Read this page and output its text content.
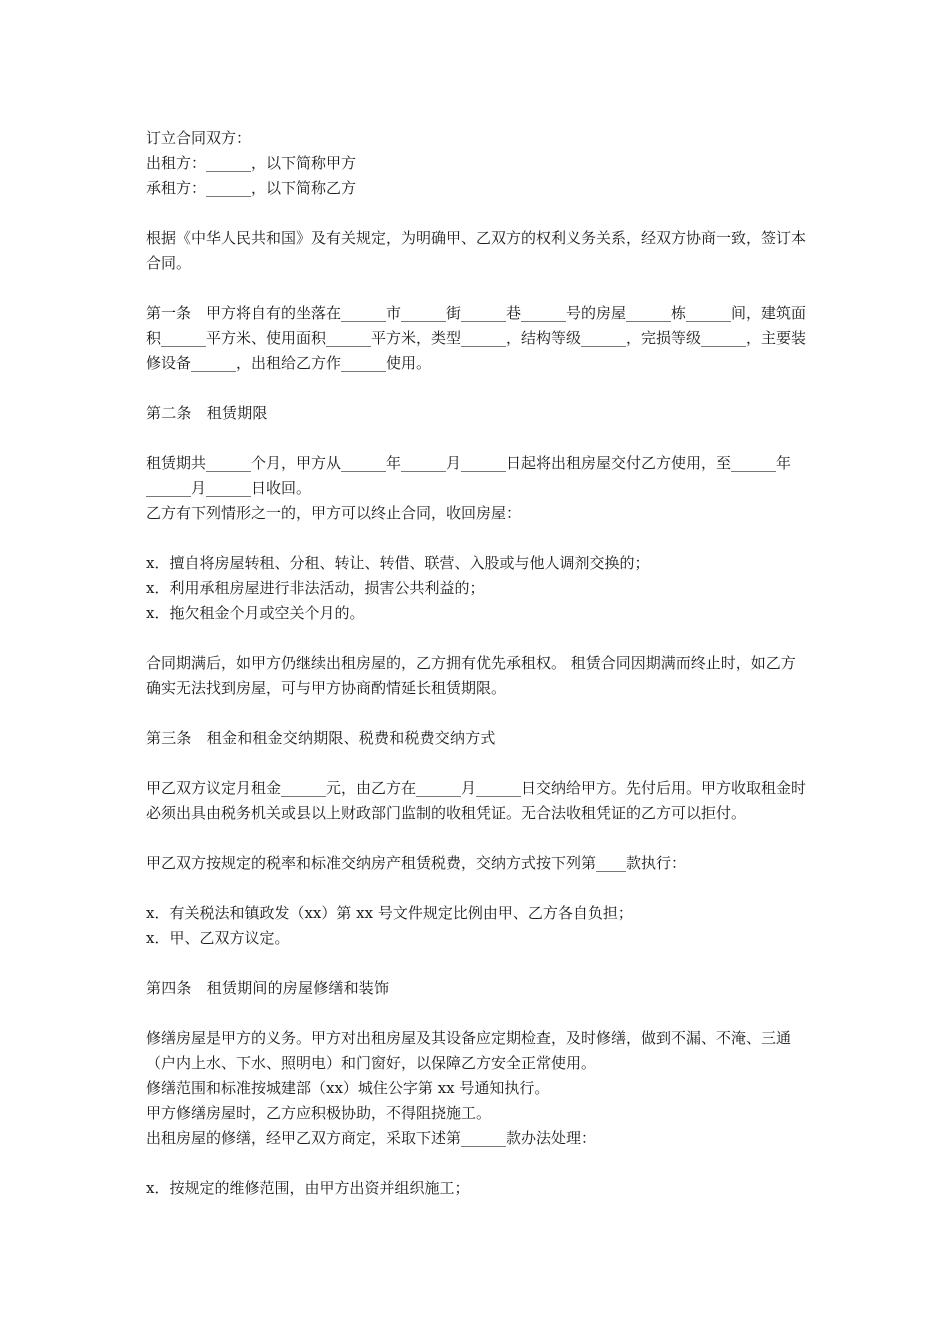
订立合同双方：

出租方：______，以下简称甲方

承租方：______，以下简称乙方

根据《中华人民共和国》及有关规定，为明确甲、乙双方的权利义务关系，经双方协商一致，签订本合同。

第一条　甲方将自有的坐落在______市______街______巷______号的房屋______栋______间，建筑面积______平方米、使用面积______平方米，类型______，结构等级______，完损等级______，主要装修设备______，出租给乙方作______使用。

第二条　租赁期限

租赁期共______个月，甲方从______年______月______日起将出租房屋交付乙方使用，至______年______月______日收回。

乙方有下列情形之一的，甲方可以终止合同，收回房屋：

x．擅自将房屋转租、分租、转让、转借、联营、入股或与他人调剂交换的；

x．利用承租房屋进行非法活动，损害公共利益的；

x．拖欠租金个月或空关个月的。

合同期满后，如甲方仍继续出租房屋的，乙方拥有优先承租权。 租赁合同因期满而终止时，如乙方确实无法找到房屋，可与甲方协商酌情延长租赁期限。

第三条　租金和租金交纳期限、税费和税费交纳方式

甲乙双方议定月租金______元，由乙方在______月______日交纳给甲方。先付后用。甲方收取租金时必须出具由税务机关或县以上财政部门监制的收租凭证。无合法收租凭证的乙方可以拒付。

甲乙双方按规定的税率和标准交纳房产租赁税费，交纳方式按下列第____款执行：

x．有关税法和镇政发（xx）第 xx 号文件规定比例由甲、乙方各自负担；

x．甲、乙双方议定。

第四条　租赁期间的房屋修缮和装饰

修缮房屋是甲方的义务。甲方对出租房屋及其设备应定期检查，及时修缮，做到不漏、不淹、三通（户内上水、下水、照明电）和门窗好，以保障乙方安全正常使用。

修缮范围和标准按城建部（xx）城住公字第 xx 号通知执行。

甲方修缮房屋时，乙方应积极协助，不得阻挠施工。

出租房屋的修缮，经甲乙双方商定，采取下述第______款办法处理：

x．按规定的维修范围，由甲方出资并组织施工；
